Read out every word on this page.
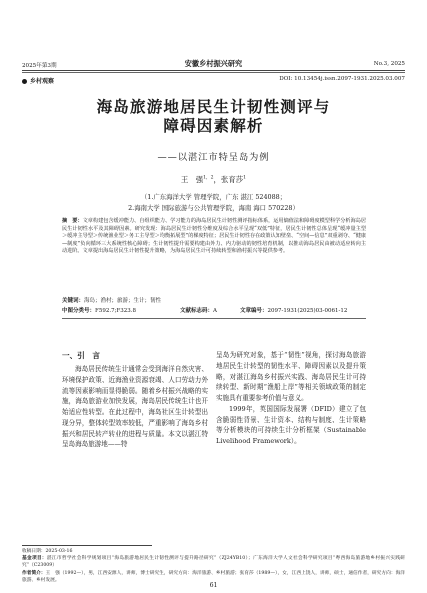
2025年第3期	安徽乡村振兴研究	No.3, 2025
乡村观察	DOI: 10.13454j.issn.2097-1931.2025.03.007
海岛旅游地居民生计韧性测评与
障碍因素解析
——以湛江市特呈岛为例
王　强$^{1,2}$，张育莎$^1$
（1.广东海洋大学 管理学院，广东 湛江 524088；
2.海南大学 国际旅游与公共管理学院，海南 海口 570228）
摘　要：文章构建包含缓冲能力、自组织能力、学习能力的海岛居民生计韧性测评指标体系，运用熵值法和障碍度模型科学分析海岛居民生计韧性水平及其障碍因素。研究发现：海岛居民生计韧性分维度及综合水平呈现“双低”特征，居民生计韧性总体呈现“缓冲量主型＞缓冲主导型＞传统渔业型＞务工主导型＞均衡拓展型”的梯度特征；居民生计韧性存在政策认知壁垒、“空间—信息”双重剥夺、“健康—制度”负向循环三大系统性核心障碍；生计韧性提升需要构建由外力、内力驱动的韧性培育机制，以推动海岛居民由被动适应转向主动进阶。文章提出海岛居民生计韧性提升策略，为海岛居民生计可持续转型和渔村振兴等提供参考。
关键词：海岛；渔村；旅游；生计；韧性
中图分类号：F592.7;F323.8	文献标志码：A	文章编号：2097-1931(2025)03-0061-12
一、引　言
海岛居民传统生计通常会受到海洋自然灾害、环境保护政策、近海渔业资源衰竭、人口劳动力外流等因素影响而显得脆弱。随着乡村振兴战略的实施，海岛旅游业加快发展，海岛居民传统生计也开始适应性转型。在此过程中，海岛社区生计转型出现分异，整体转型效率较低，严重影响了海岛乡村振兴和居民转产转业的进程与质量。本文以湛江特呈岛海岛旅游地——特

呈岛为研究对象，基于“韧性”视角，探讨海岛旅游地居民生计转型的韧性水平、障碍因素以及提升策略，对湛江海岛乡村振兴实践、海岛居民生计可持续转型、新时期“渔船上岸”等相关领域政策的制定实施具有重要参考价值与意义。

1999年，英国国际发展署（DFID）建立了包含脆弱性背景、生计资本、结构与制度、生计策略等分析模块的可持续生计分析框架（Sustainable Livelihood Framework）。

收稿日期：2025-03-16
基金项目：湛江市哲学社会科学规划项目“海岛旅游地居民生计韧性测评与提升路径研究”（ZJ24YB10）；广东海洋大学人文社会科学研究项目“粤西海岛旅游地乡村振兴实践研究”（C23009）
作者简介：王　强（1992—），男，江西安源人，讲师，博士研究生，研究方向：海洋旅游、乡村旅游；张育莎（1989—），女，江西上饶人，讲师，硕士，通信作者，研究方向：海洋旅游、乡村发展。
61
